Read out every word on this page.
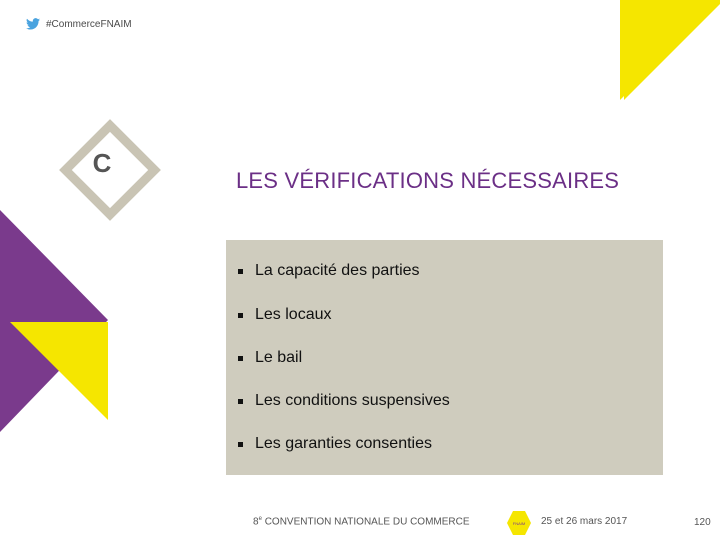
#CommerceFNAIM
C
LES VÉRIFICATIONS NÉCESSAIRES
La capacité des parties
Les locaux
Le bail
Les conditions suspensives
Les garanties consenties
8e CONVENTION NATIONALE DU COMMERCE	FNAIM 25 et 26 mars 2017	120
